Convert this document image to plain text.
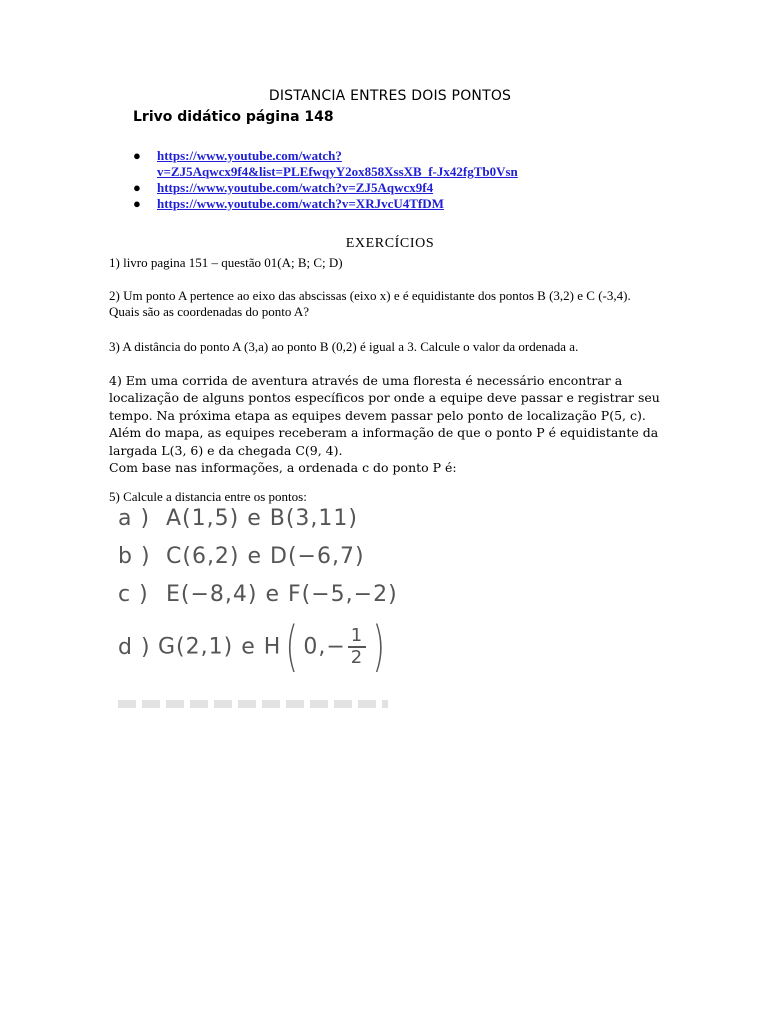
DISTANCIA ENTRES DOIS PONTOS
Lrivo didático página 148
● https://www.youtube.com/watch?
v=ZJ5Aqwcx9f4&list=PLEfwqyY2ox858XssXB_f-Jx42fgTb0Vsn
● https://www.youtube.com/watch?v=ZJ5Aqwcx9f4
● https://www.youtube.com/watch?v=XRJvcU4TfDM
EXERCÍCIOS
1) livro pagina 151 – questão 01(A; B; C; D)
2) Um ponto A pertence ao eixo das abscissas (eixo x) e é equidistante dos pontos B (3,2) e C (-3,4). Quais são as coordenadas do ponto A?
3) A distância do ponto A (3,a) ao ponto B (0,2) é igual a 3. Calcule o valor da ordenada a.
4) Em uma corrida de aventura através de uma floresta é necessário encontrar a
localização de alguns pontos específicos por onde a equipe deve passar e registrar seu
tempo. Na próxima etapa as equipes devem passar pelo ponto de localização P(5, c).
Além do mapa, as equipes receberam a informação de que o ponto P é equidistante da
largada L(3, 6) e da chegada C(9, 4).
Com base nas informações, a ordenada c do ponto P é:
5) Calcule a distancia entre os pontos:
a ) A(1,5) e B(3,11)
b ) C(6,2) e D(−6,7)
c ) E(−8,4) e F(−5,−2)
d ) G(2,1) e H( $0,- \frac{1}{2}$ )
